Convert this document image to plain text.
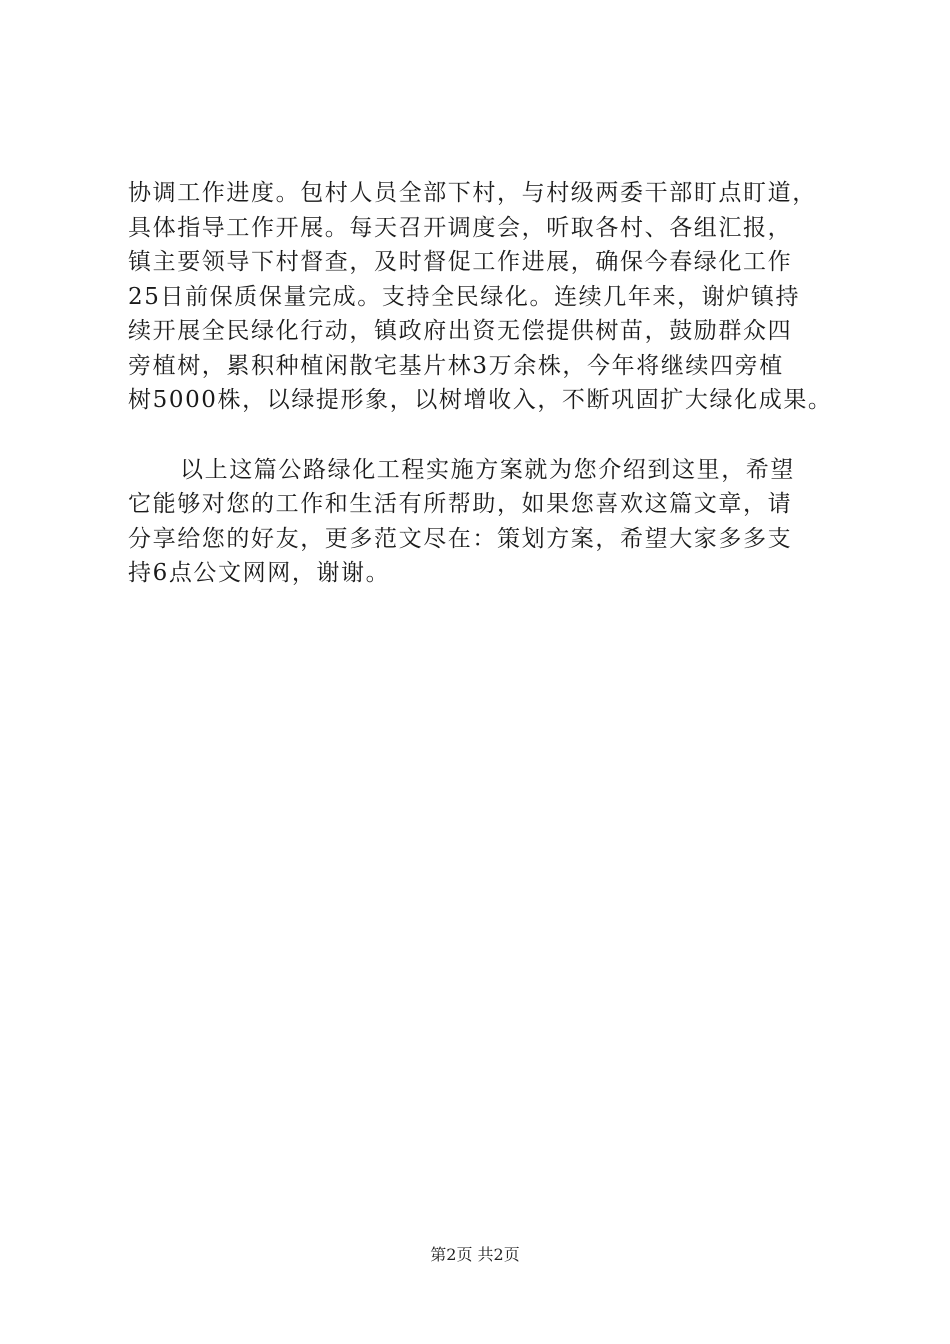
协调工作进度。包村人员全部下村，与村级两委干部盯点盯道，
具体指导工作开展。每天召开调度会，听取各村、各组汇报，
镇主要领导下村督查，及时督促工作进展，确保今春绿化工作
25日前保质保量完成。支持全民绿化。连续几年来，谢炉镇持
续开展全民绿化行动，镇政府出资无偿提供树苗，鼓励群众四
旁植树，累积种植闲散宅基片林3万余株，今年将继续四旁植
树5000株，以绿提形象，以树增收入，不断巩固扩大绿化成果。
以上这篇公路绿化工程实施方案就为您介绍到这里，希望
它能够对您的工作和生活有所帮助，如果您喜欢这篇文章，请
分享给您的好友，更多范文尽在：策划方案，希望大家多多支
持6点公文网网，谢谢。
第2页 共2页
